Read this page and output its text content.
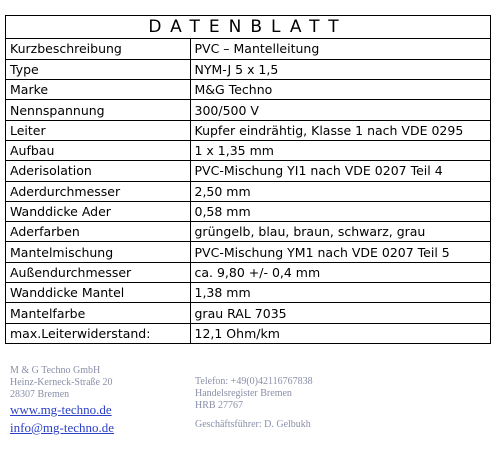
DATENBLATT
Kurzbeschreibung	PVC – Mantelleitung
Type	NYM-J 5 x 1,5
Marke	M&G Techno
Nennspannung	300/500 V
Leiter	Kupfer eindrähtig, Klasse 1 nach VDE 0295
Aufbau	1 x 1,35 mm
Aderisolation	PVC-Mischung YI1 nach VDE 0207 Teil 4
Aderdurchmesser	2,50 mm
Wanddicke Ader	0,58 mm
Aderfarben	grüngelb, blau, braun, schwarz, grau
Mantelmischung	PVC-Mischung YM1 nach VDE 0207 Teil 5
Außendurchmesser	ca. 9,80 +/- 0,4 mm
Wanddicke Mantel	1,38 mm
Mantelfarbe	grau RAL 7035
max.Leiterwiderstand:	12,1 Ohm/km
M & G Techno GmbH
Heinz-Kerneck-Straße 20
28307 Bremen
www.mg-techno.de
info@mg-techno.de
Telefon: +49(0)42116767838
Handelsregister Bremen
HRB 27767
Geschäftsführer: D. Gelbukh
